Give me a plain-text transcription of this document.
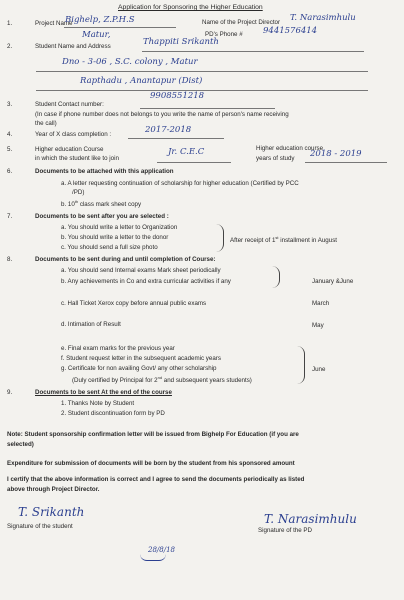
Application for Sponsoring the Higher Education
1.	Project Name
Bighelp, Z.P.H.S	Name of the Project Director T. Narasimhulu
PD's Phone # 9441576414
Matur,
2.	Student Name and Address	Thappiti Srikanth
Dno - 3-06 , S.C. colony , Matur
Rapthadu , Anantapur (Dist)
9908551218
3.	Student Contact number:
(In case if phone number does not belongs to you write the name of person's name receiving
the call)
4.	Year of X class completion :	2017-2018
5.	Higher education Course
in which the student like to join
Jr. C.E.C	Higher education course
years of study 2018 - 2019
6.	Documents to be attached with this application
a. A letter requesting continuation of scholarship for higher education (Certified by PCC
/PD)
b. 10th class mark sheet copy
7.	Documents to be sent after you are selected :
a. You should write a letter to Organization
b. You should write a letter to the donor
c. You should send a full size photo
After receipt of 1st installment in August
8.	Documents to be sent during and until completion of Course:
a. You should send Internal exams Mark sheet periodically
b. Any achievements in Co and extra curricular activities if any	January &June
c. Hall Ticket Xerox copy before annual public exams	March
d. Intimation of Result	May
e. Final exam marks for the previous year
f. Student request letter in the subsequent academic years
g. Certificate for non availing Govt/ any other scholarship
(Duly certified by Principal for 2nd and subsequent years students)
June
9.	Documents to be sent At the end of the course
1. Thanks Note by Student
2. Student discontinuation form by PD
Note: Student sponsorship confirmation letter will be issued from Bighelp For Education (if you are
selected)
Expenditure for submission of documents will be born by the student from his sponsored amount
I certify that the above information is correct and I agree to send the documents periodically as listed
above through Project Director.
T. Srikanth
Signature of the student
T. Narasimhulu
Signature of the PD
28/8/18
